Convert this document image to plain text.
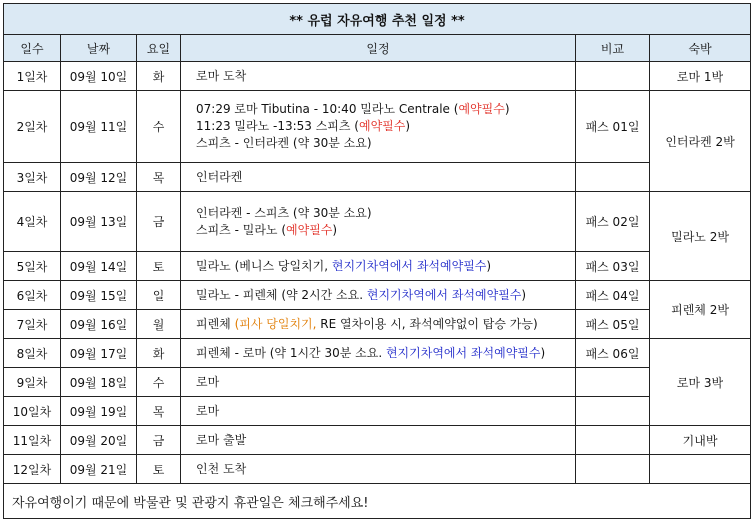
** 유럽 자유여행 추천 일정 **					
일수	날짜	요일	일정	비교	숙박
1일차	09월 10일	화	로마 도착		로마 1박
2일차	09월 11일	수	07:29 로마 Tibutina - 10:40 밀라노 Centrale (예약필수)
11:23 밀라노 -13:53 스피츠 (예약필수)
스피츠 - 인터라켄 (약 30분 소요)	패스 01일	인터라켄 2박
3일차	09월 12일	목	인터라켄		
4일차	09월 13일	금	인터라켄 - 스피츠 (약 30분 소요)
스피츠 - 밀라노 (예약필수)	패스 02일	밀라노 2박
5일차	09월 14일	토	밀라노 (베니스 당일치기, 현지기차역에서 좌석예약필수)	패스 03일	
6일차	09월 15일	일	밀라노 - 피렌체 (약 2시간 소요. 현지기차역에서 좌석예약필수)	패스 04일	피렌체 2박
7일차	09월 16일	월	피렌체 (피사 당일치기, RE 열차이용 시, 좌석예약없이 탑승 가능)	패스 05일	
8일차	09월 17일	화	피렌체 - 로마 (약 1시간 30분 소요. 현지기차역에서 좌석예약필수)	패스 06일	로마 3박
9일차	09월 18일	수	로마		
10일차	09월 19일	목	로마		
11일차	09월 20일	금	로마 출발		기내박
12일차	09월 21일	토	인천 도착		
자유여행이기 때문에 박물관 및 관광지 휴관일은 체크해주세요!					
